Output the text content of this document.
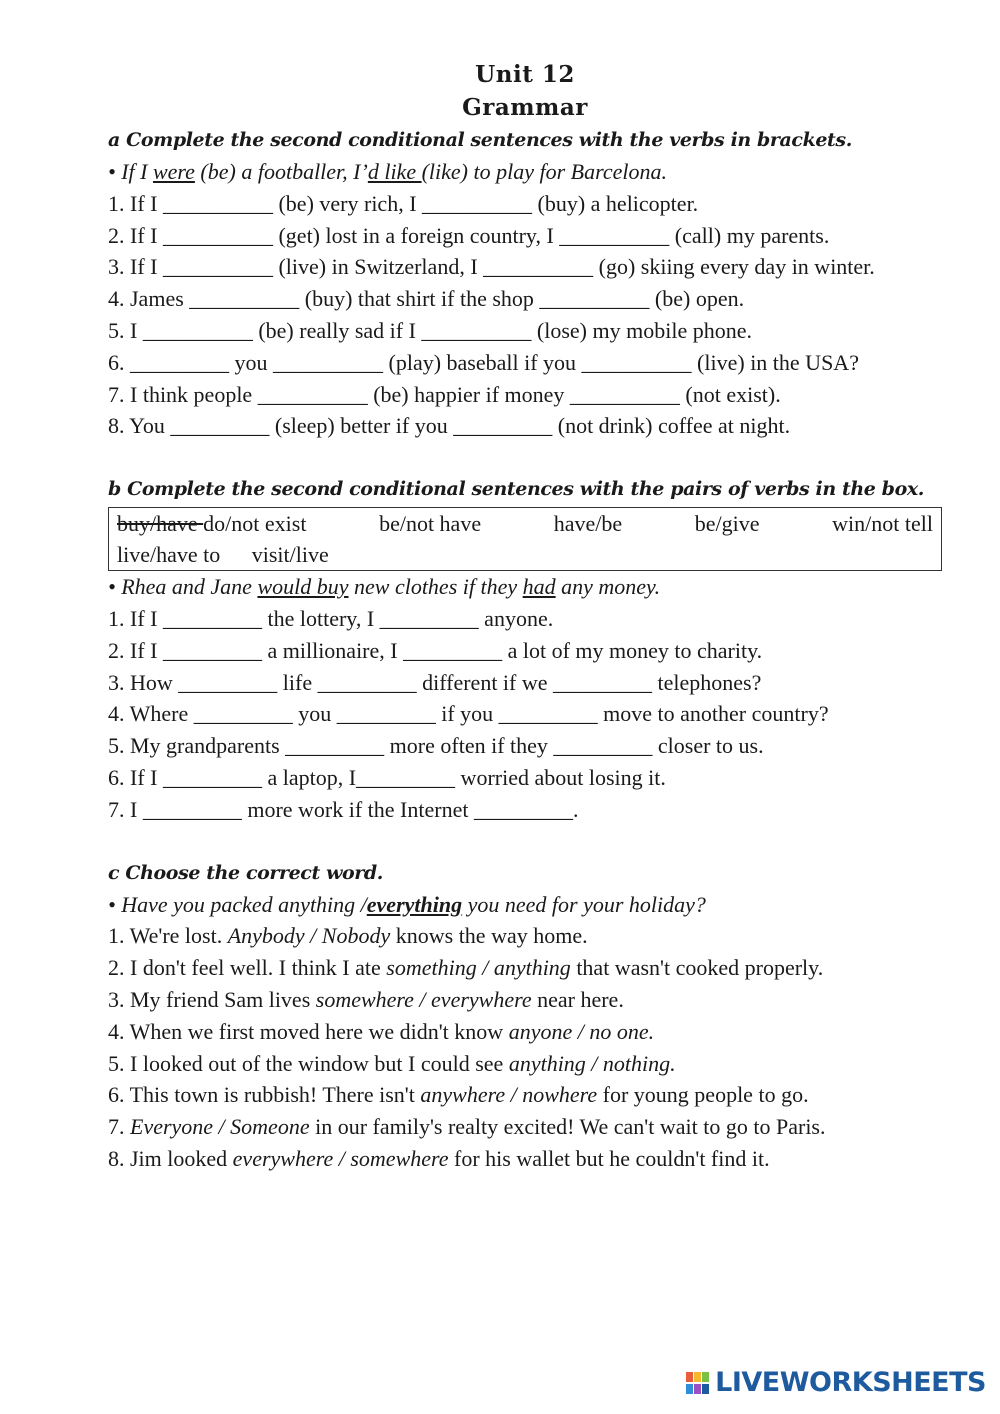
Unit 12
Grammar
a Complete the second conditional sentences with the verbs in brackets.
• If I were (be) a footballer, I’d like (like) to play for Barcelona.
1. If I __________ (be) very rich, I __________ (buy) a helicopter.
2. If I __________ (get) lost in a foreign country, I __________ (call) my parents.
3. If I __________ (live) in Switzerland, I __________ (go) skiing every day in winter.
4. James __________ (buy) that shirt if the shop __________ (be) open.
5. I __________ (be) really sad if I __________ (lose) my mobile phone.
6. _________ you __________ (play) baseball if you __________ (live) in the USA?
7. I think people __________ (be) happier if money __________ (not exist).
8. You _________ (sleep) better if you _________ (not drink) coffee at night.
b Complete the second conditional sentences with the pairs of verbs in the box.
buy/have do/not exist	be/not have	have/be	be/give	win/not tell
live/have to visit/live
• Rhea and Jane would buy new clothes if they had any money.
1. If I _________ the lottery, I _________ anyone.
2. If I _________ a millionaire, I _________ a lot of my money to charity.
3. How _________ life _________ different if we _________ telephones?
4. Where _________ you _________ if you _________ move to another country?
5. My grandparents _________ more often if they _________ closer to us.
6. If I _________ a laptop, I_________ worried about losing it.
7. I _________ more work if the Internet _________.
c Choose the correct word.
• Have you packed anything /everything you need for your holiday?
1. We're lost. Anybody / Nobody knows the way home.
2. I don't feel well. I think I ate something / anything that wasn't cooked properly.
3. My friend Sam lives somewhere / everywhere near here.
4. When we first moved here we didn't know anyone / no one.
5. I looked out of the window but I could see anything / nothing.
6. This town is rubbish! There isn't anywhere / nowhere for young people to go.
7. Everyone / Someone in our family's realty excited! We can't wait to go to Paris.
8. Jim looked everywhere / somewhere for his wallet but he couldn't find it.
LIVEWORKSHEETS
